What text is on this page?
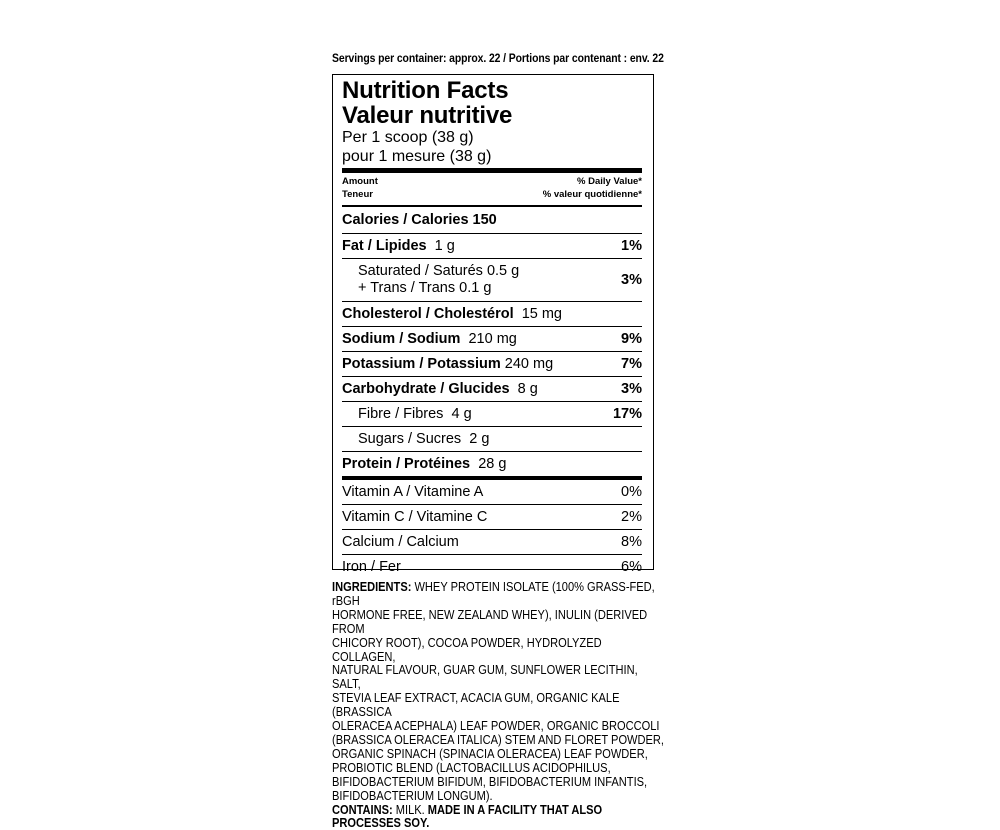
Servings per container: approx. 22 / Portions par contenant : env. 22
Nutrition Facts
Valeur nutritive
Per 1 scoop (38 g)
pour 1 mesure (38 g)
Amount
Teneur
% Daily Value*
% valeur quotidienne*
Calories / Calories 150
Fat / Lipides 1 g	1%
Saturated / Saturés 0.5 g
+ Trans / Trans 0.1 g	3%
Cholesterol / Cholestérol 15 mg
Sodium / Sodium 210 mg	9%
Potassium / Potassium 240 mg	7%
Carbohydrate / Glucides 8 g	3%
Fibre / Fibres 4 g	17%
Sugars / Sucres 2 g
Protein / Protéines 28 g
Vitamin A / Vitamine A	0%
Vitamin C / Vitamine C	2%
Calcium / Calcium	8%
Iron / Fer	6%
INGREDIENTS: WHEY PROTEIN ISOLATE (100% GRASS-FED, rBGH
HORMONE FREE, NEW ZEALAND WHEY), INULIN (DERIVED FROM
CHICORY ROOT), COCOA POWDER, HYDROLYZED COLLAGEN,
NATURAL FLAVOUR, GUAR GUM, SUNFLOWER LECITHIN, SALT,
STEVIA LEAF EXTRACT, ACACIA GUM, ORGANIC KALE (BRASSICA
OLERACEA ACEPHALA) LEAF POWDER, ORGANIC BROCCOLI
(BRASSICA OLERACEA ITALICA) STEM AND FLORET POWDER,
ORGANIC SPINACH (SPINACIA OLERACEA) LEAF POWDER,
PROBIOTIC BLEND (LACTOBACILLUS ACIDOPHILUS,
BIFIDOBACTERIUM BIFIDUM, BIFIDOBACTERIUM INFANTIS,
BIFIDOBACTERIUM LONGUM).
CONTAINS: MILK. MADE IN A FACILITY THAT ALSO PROCESSES SOY.
